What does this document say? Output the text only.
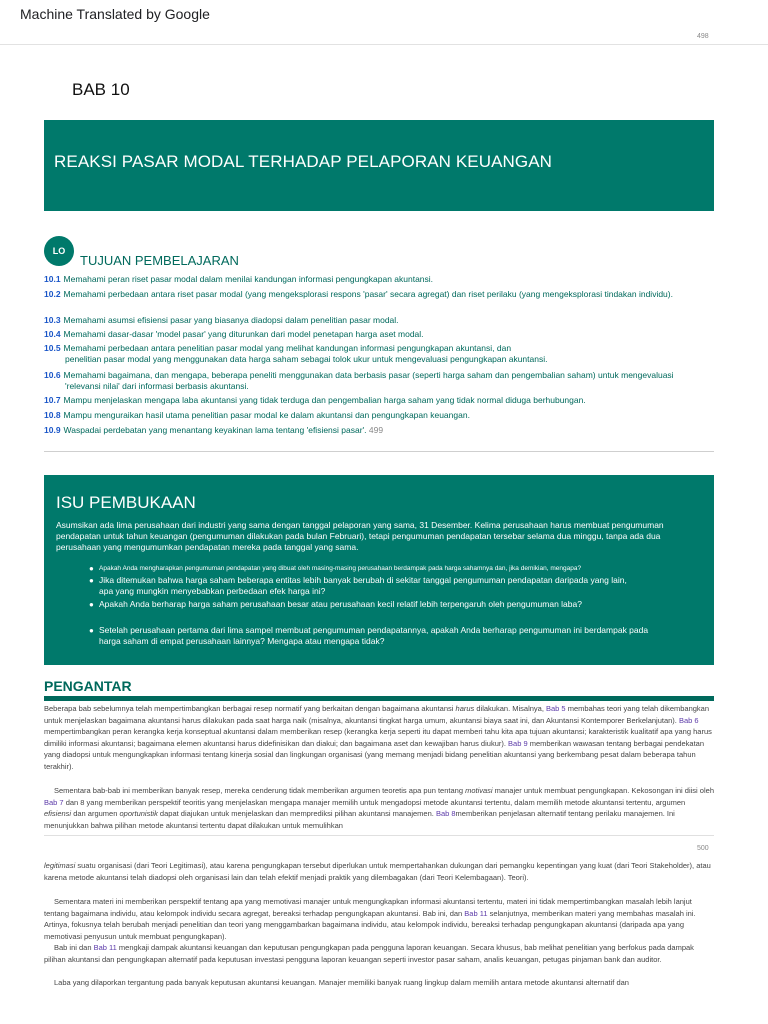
Machine Translated by Google
498
BAB 10
REAKSI PASAR MODAL TERHADAP PELAPORAN KEUANGAN
LO
TUJUAN PEMBELAJARAN
10.1 Memahami peran riset pasar modal dalam menilai kandungan informasi pengungkapan akuntansi.
10.2 Memahami perbedaan antara riset pasar modal (yang mengeksplorasi respons 'pasar' secara agregat) dan riset perilaku (yang mengeksplorasi tindakan individu).
10.3 Memahami asumsi efisiensi pasar yang biasanya diadopsi dalam penelitian pasar modal.
10.4 Memahami dasar-dasar 'model pasar' yang diturunkan dari model penetapan harga aset modal.
10.5 Memahami perbedaan antara penelitian pasar modal yang melihat kandungan informasi pengungkapan akuntansi, dan
penelitian pasar modal yang menggunakan data harga saham sebagai tolok ukur untuk mengevaluasi pengungkapan akuntansi.
10.6 Memahami bagaimana, dan mengapa, beberapa peneliti menggunakan data berbasis pasar (seperti harga saham dan pengembalian saham) untuk mengevaluasi
'relevansi nilai' dari informasi berbasis akuntansi.
10.7 Mampu menjelaskan mengapa laba akuntansi yang tidak terduga dan pengembalian harga saham yang tidak normal diduga berhubungan.
10.8 Mampu menguraikan hasil utama penelitian pasar modal ke dalam akuntansi dan pengungkapan keuangan.
10.9 Waspadai perdebatan yang menantang keyakinan lama tentang 'efisiensi pasar'. 499
ISU PEMBUKAAN
Asumsikan ada lima perusahaan dari industri yang sama dengan tanggal pelaporan yang sama, 31 Desember. Kelima perusahaan harus membuat pengumuman pendapatan untuk tahun keuangan (pengumuman dilakukan pada bulan Februari), tetapi pengumuman pendapatan tersebar selama dua minggu, tanpa ada dua perusahaan yang mengumumkan pendapatan mereka pada tanggal yang sama.
● Apakah Anda mengharapkan pengumuman pendapatan yang dibuat oleh masing-masing perusahaan berdampak pada harga sahamnya dan, jika demikian, mengapa?
● Jika ditemukan bahwa harga saham beberapa entitas lebih banyak berubah di sekitar tanggal pengumuman pendapatan daripada yang lain,
apa yang mungkin menyebabkan perbedaan efek harga ini?
● Apakah Anda berharap harga saham perusahaan besar atau perusahaan kecil relatif lebih terpengaruh oleh pengumuman laba?
● Setelah perusahaan pertama dari lima sampel membuat pengumuman pendapatannya, apakah Anda berharap pengumuman ini berdampak pada
harga saham di empat perusahaan lainnya? Mengapa atau mengapa tidak?
PENGANTAR
Beberapa bab sebelumnya telah mempertimbangkan berbagai resep normatif yang berkaitan dengan bagaimana akuntansi harus dilakukan. Misalnya, Bab 5 membahas teori yang telah dikembangkan untuk menjelaskan bagaimana akuntansi harus dilakukan pada saat harga naik (misalnya, akuntansi tingkat harga umum, akuntansi biaya saat ini, dan Akuntansi Kontemporer Berkelanjutan). Bab 6 mempertimbangkan peran kerangka kerja konseptual akuntansi dalam memberikan resep (kerangka kerja seperti itu dapat memberi tahu kita apa tujuan akuntansi; karakteristik kualitatif apa yang harus dimiliki informasi akuntansi; bagaimana elemen akuntansi harus didefinisikan dan diakui; dan bagaimana aset dan kewajiban harus diukur). Bab 9 memberikan wawasan tentang berbagai pendekatan yang diadopsi untuk mengungkapkan informasi tentang kinerja sosial dan lingkungan organisasi (yang memang menjadi bidang penelitian akuntansi yang berkembang pesat dalam beberapa tahun terakhir).
Sementara bab-bab ini memberikan banyak resep, mereka cenderung tidak memberikan argumen teoretis apa pun tentang motivasi manajer untuk membuat pengungkapan. Kekosongan ini diisi oleh Bab 7 dan 8 yang memberikan perspektif teoritis yang menjelaskan mengapa manajer memilih untuk mengadopsi metode akuntansi tertentu, dalam memilih metode akuntansi tertentu, argumen efisiensi dan argumen oportunistik dapat diajukan untuk menjelaskan dan memprediksi pilihan akuntansi manajemen. Bab 8memberikan penjelasan alternatif tentang perilaku manajemen. Ini menunjukkan bahwa pilihan metode akuntansi tertentu dapat dilakukan untuk memulihkan
500
legitimasi suatu organisasi (dari Teori Legitimasi), atau karena pengungkapan tersebut diperlukan untuk mempertahankan dukungan dari pemangku kepentingan yang kuat (dari Teori Stakeholder), atau karena metode akuntansi telah diadopsi oleh organisasi lain dan telah efektif menjadi praktik yang dilembagakan (dari Teori Kelembagaan). Teori).
Sementara materi ini memberikan perspektif tentang apa yang memotivasi manajer untuk mengungkapkan informasi akuntansi tertentu, materi ini tidak mempertimbangkan masalah lebih lanjut tentang bagaimana individu, atau kelompok individu secara agregat, bereaksi terhadap pengungkapan akuntansi. Bab ini, dan Bab 11 selanjutnya, memberikan materi yang membahas masalah ini. Artinya, fokusnya telah berubah menjadi penelitian dan teori yang menggambarkan bagaimana individu, atau kelompok individu, bereaksi terhadap pengungkapan akuntansi (daripada apa yang memotivasi penyusun untuk membuat pengungkapan).
Bab ini dan Bab 11 mengkaji dampak akuntansi keuangan dan keputusan pengungkapan pada pengguna laporan keuangan. Secara khusus, bab melihat penelitian yang berfokus pada dampak pilihan akuntansi dan pengungkapan alternatif pada keputusan investasi pengguna laporan keuangan seperti investor pasar saham, analis keuangan, petugas pinjaman bank dan auditor.
Laba yang dilaporkan tergantung pada banyak keputusan akuntansi keuangan. Manajer memiliki banyak ruang lingkup dalam memilih antara metode akuntansi alternatif dan
